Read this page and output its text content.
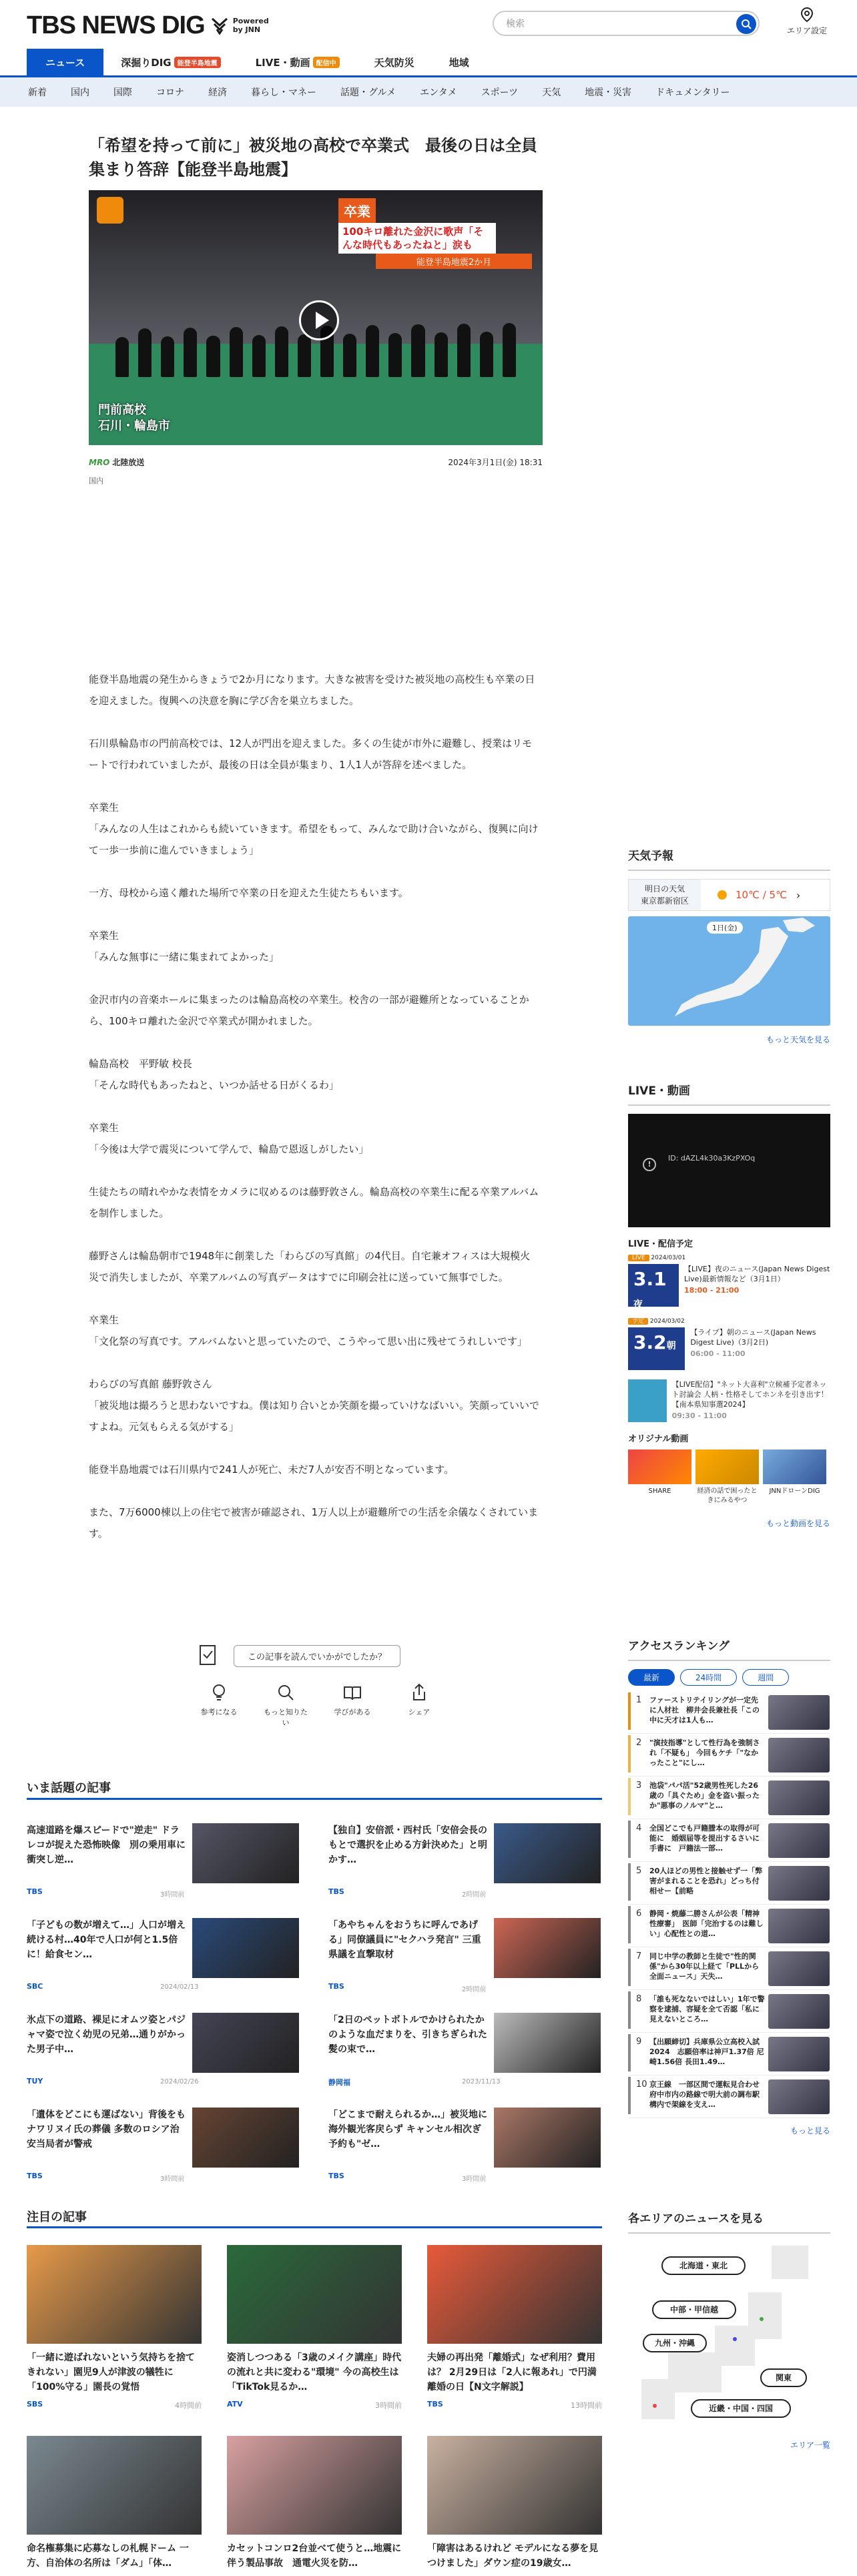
TBS NEWS DIG	Powered
by JNN
検索
エリア設定
ニュース	深掘りDIG 能登半島地震	LIVE・動画 配信中	天気防災	地域
新着	国内	国際	コロナ	経済	暮らし・マネー	話題・グルメ	エンタメ	スポーツ	天気	地震・災害	ドキュメンタリー
「希望を持って前に」被災地の高校で卒業式　最後の日は全員集まり答辞【能登半島地震】
卒業100キロ離れた金沢に歌声「そんな時代もあったねと」涙も
能登半島地震2か月
門前高校
石川・輪島市
MRO 北陸放送	2024年3月1日(金) 18:31
国内

能登半島地震の発生からきょうで2か月になります。大きな被害を受けた被災地の高校生も卒業の日を迎えました。復興への決意を胸に学び舎を巣立ちました。

石川県輪島市の門前高校では、12人が門出を迎えました。多くの生徒が市外に避難し、授業はリモートで行われていましたが、最後の日は全員が集まり、1人1人が答辞を述べました。

卒業生
「みんなの人生はこれからも続いていきます。希望をもって、みんなで助け合いながら、復興に向けて一歩一歩前に進んでいきましょう」

一方、母校から遠く離れた場所で卒業の日を迎えた生徒たちもいます。

卒業生
「みんな無事に一緒に集まれてよかった」

金沢市内の音楽ホールに集まったのは輪島高校の卒業生。校舎の一部が避難所となっていることから、100キロ離れた金沢で卒業式が開かれました。

輪島高校　平野敏 校長
「そんな時代もあったねと、いつか話せる日がくるわ」

卒業生
「今後は大学で震災について学んで、輪島で恩返しがしたい」

生徒たちの晴れやかな表情をカメラに収めるのは藤野敦さん。輪島高校の卒業生に配る卒業アルバムを制作しました。

藤野さんは輪島朝市で1948年に創業した「わらびの写真館」の4代目。自宅兼オフィスは大規模火災で消失しましたが、卒業アルバムの写真データはすでに印刷会社に送っていて無事でした。

卒業生
「文化祭の写真です。アルバムないと思っていたので、こうやって思い出に残せてうれしいです」

わらびの写真館 藤野敦さん
「被災地は撮ろうと思わないですね。僕は知り合いとか笑顔を撮っていけなばいい。笑顔っていいですよね。元気もらえる気がする」

能登半島地震では石川県内で241人が死亡、未だ7人が安否不明となっています。

また、7万6000棟以上の住宅で被害が確認され、1万人以上が避難所での生活を余儀なくされています。

この記事を読んでいかがでしたか？
参考になる	もっと知りたい
学びがある	シェア
いま話題の記事
高速道路を爆スピードで"逆走" ドラレコが捉えた恐怖映像　別の乗用車に衝突し逆…
TBS	3時間前
【独自】安倍派・西村氏「安倍会長のもとで選択を止める方針決めた」と明かす…
TBS	2時間前
「子どもの数が増えて…」人口が増え続ける村…40年で人口が何と1.5倍に！給食セン…
SBC	2024/02/13
「あやちゃんをおうちに呼んであげる」同僚議員に"セクハラ発言" 三重県議を直撃取材
TBS	2時間前
氷点下の道路、裸足にオムツ姿とパジャマ姿で泣く幼児の兄弟…通りがかった男子中…
TUY	2024/02/26
「2日のペットボトルでかけられたかのような血だまりを、引きちぎられた髪の束で…
静岡福	2023/11/13
「遺体をどこにも運ばない」背後をもナワリヌイ氏の葬儀 多数のロシア治安当局者が警戒
TBS	3時間前
「どこまで耐えられるか…」被災地に海外観光客戻らず キャンセル相次ぎ予約も"ゼ…
TBS	3時間前
注目の記事
「一緒に遊ばれないという気持ちを捨てきれない」園児9人が津波の犠牲に「100%守る」園長の覚悟
SBS	4時間前
姿消しつつある「3歳のメイク講座」時代の流れと共に変わる"環境" 今の高校生は「TikTok見るか…
ATV	3時間前
夫婦の再出発「離婚式」なぜ利用？費用は？ 2月29日は「2人に報あれ」で円満離婚の日【N文字解説】
TBS	13時間前
命名権募集に応募なしの札幌ドーム 一方、自治体の名所は「ダム」「体…
カセットコンロ2台並べて使うと…地震に伴う製品事故　通電火災を防…
「障害はあるけれど モデルになる夢を見つけました」ダウン症の19歳女…
天気予報
明日の天気
東京都新宿区	10℃ / 5℃ ›
1日(金)
もっと天気を見る
LIVE・動画
!
ID: dAZL4k30a3KzPXOq
LIVE・配信予定
LIVE 2024/03/01
3.1夜
【LIVE】夜のニュース(Japan News Digest Live)最新情報など（3月1日）
18:00 - 21:00
予定 2024/03/02
3.2朝
【ライブ】朝のニュース(Japan News Digest Live)（3月2日)
06:00 - 11:00
【LIVE配信】"ネット大喜利"立候補予定者ネット討論会 人柄・性格そしてホンネを引き出す！【南本県知事選2024】
09:30 - 11:00
オリジナル動画
SHARE	経済の話で困ったときにみるやつ
JNNドローンDIG
もっと動画を見る
アクセスランキング
最新	24時間	週間
1	ファーストリテイリングが一定先に人材社　柳井会長兼社長「この中に天才は1人も…
2	"演技指導"として性行為を強制され「不疑も」 今回もケチ「"なかったこと"にし…
3	池袋"パパ活"52歳男性死した26歳の「具ぐため」金を盗い振ったか"悪事のノルマ"と…
4	全国どこでも戸籍謄本の取得が可能に　婚姻届等を提出するさいに手書に　戸籍法一部…
5	20人ほどの男性と接触せず一「弊害がまれることを恐れ」どっち付相せー【前略
6	静岡・焼藤二勝さんが公表「精神性療審」　医師「完治するのは難しい」心配性との道…
7	同じ中学の教師と生徒で"性的関係"から30年以上経て「PLLから全面ニュース」天失…
8	「誰も死なないではしい」1年で警察を逮捕、容疑を全て否認「私に見えないところ…
9	【出願締切】兵庫県公立高校入試2024　志願倍率は神戸1.37倍 尼崎1.56倍 長田1.49…
10 京王線　一部区間で運転見合わせ　府中市内の路線で明大前の調布駅構内で架線を支え…
もっと見る
各エリアのニュースを見る
北海道・東北
中部・甲信越
九州・沖縄
関東
近畿・中国・四国
エリア一覧
